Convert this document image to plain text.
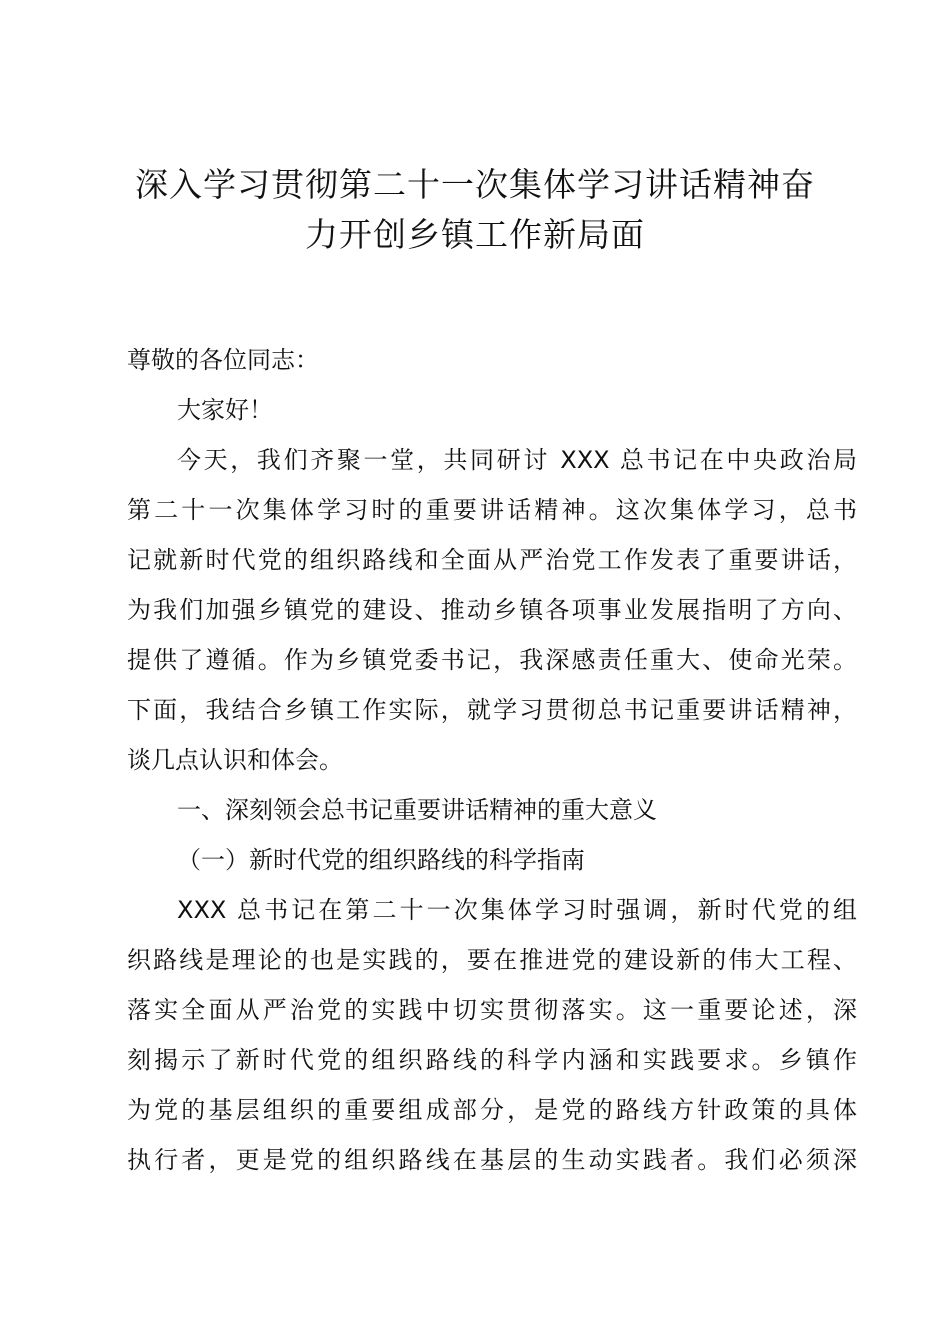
深入学习贯彻第二十一次集体学习讲话精神奋
力开创乡镇工作新局面
尊敬的各位同志：
大家好！
今天，我们齐聚一堂，共同研讨 XXX 总书记在中央政治局
第二十一次集体学习时的重要讲话精神。这次集体学习，总书
记就新时代党的组织路线和全面从严治党工作发表了重要讲话，
为我们加强乡镇党的建设、推动乡镇各项事业发展指明了方向、
提供了遵循。作为乡镇党委书记，我深感责任重大、使命光荣。
下面，我结合乡镇工作实际，就学习贯彻总书记重要讲话精神，
谈几点认识和体会。
一、深刻领会总书记重要讲话精神的重大意义
（一）新时代党的组织路线的科学指南
XXX 总书记在第二十一次集体学习时强调，新时代党的组
织路线是理论的也是实践的，要在推进党的建设新的伟大工程、
落实全面从严治党的实践中切实贯彻落实。这一重要论述，深
刻揭示了新时代党的组织路线的科学内涵和实践要求。乡镇作
为党的基层组织的重要组成部分，是党的路线方针政策的具体
执行者，更是党的组织路线在基层的生动实践者。我们必须深
